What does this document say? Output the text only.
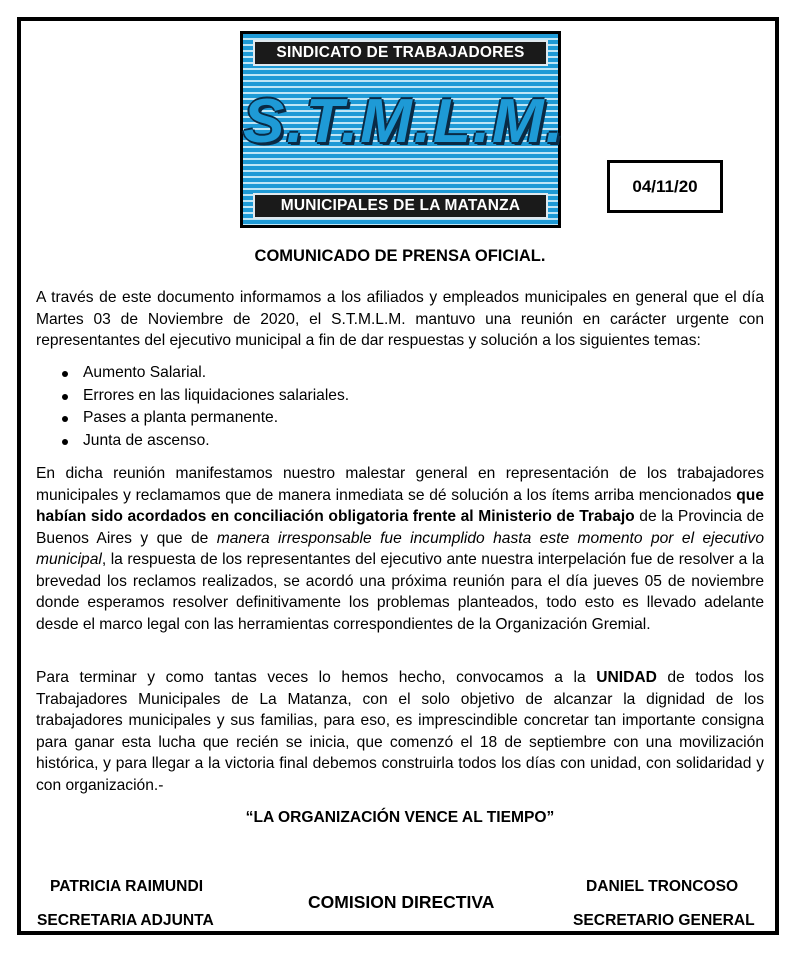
SINDICATO DE TRABAJADORES
S.T.M.L.M.
MUNICIPALES DE LA MATANZA
04/11/20
COMUNICADO DE PRENSA OFICIAL.

A través de este documento informamos a los afiliados y empleados municipales en general que el día Martes 03 de Noviembre de 2020, el S.T.M.L.M. mantuvo una reunión en carácter urgente con representantes del ejecutivo municipal a fin de dar respuestas y solución a los siguientes temas:

Aumento Salarial.
Errores en las liquidaciones salariales.
Pases a planta permanente.
Junta de ascenso.

En dicha reunión manifestamos nuestro malestar general en representación de los trabajadores municipales y reclamamos que de manera inmediata se dé solución a los ítems arriba mencionados que habían sido acordados en conciliación obligatoria frente al Ministerio de Trabajo de la Provincia de Buenos Aires y que de manera irresponsable fue incumplido hasta este momento por el ejecutivo municipal, la respuesta de los representantes del ejecutivo ante nuestra interpelación fue de resolver a la brevedad los reclamos realizados, se acordó una próxima reunión para el día jueves 05 de noviembre donde esperamos resolver definitivamente los problemas planteados, todo esto es llevado adelante desde el marco legal con las herramientas correspondientes de la Organización Gremial.

Para terminar y como tantas veces lo hemos hecho, convocamos a la UNIDAD de todos los Trabajadores Municipales de La Matanza, con el solo objetivo de alcanzar la dignidad de los trabajadores municipales y sus familias, para eso, es imprescindible concretar tan importante consigna para ganar esta lucha que recién se inicia, que comenzó el 18 de septiembre con una movilización histórica, y para llegar a la victoria final debemos construirla todos los días con unidad, con solidaridad y con organización.-

“LA ORGANIZACIÓN VENCE AL TIEMPO”
PATRICIA RAIMUNDI
SECRETARIA ADJUNTA
COMISION DIRECTIVA
DANIEL TRONCOSO
SECRETARIO GENERAL
